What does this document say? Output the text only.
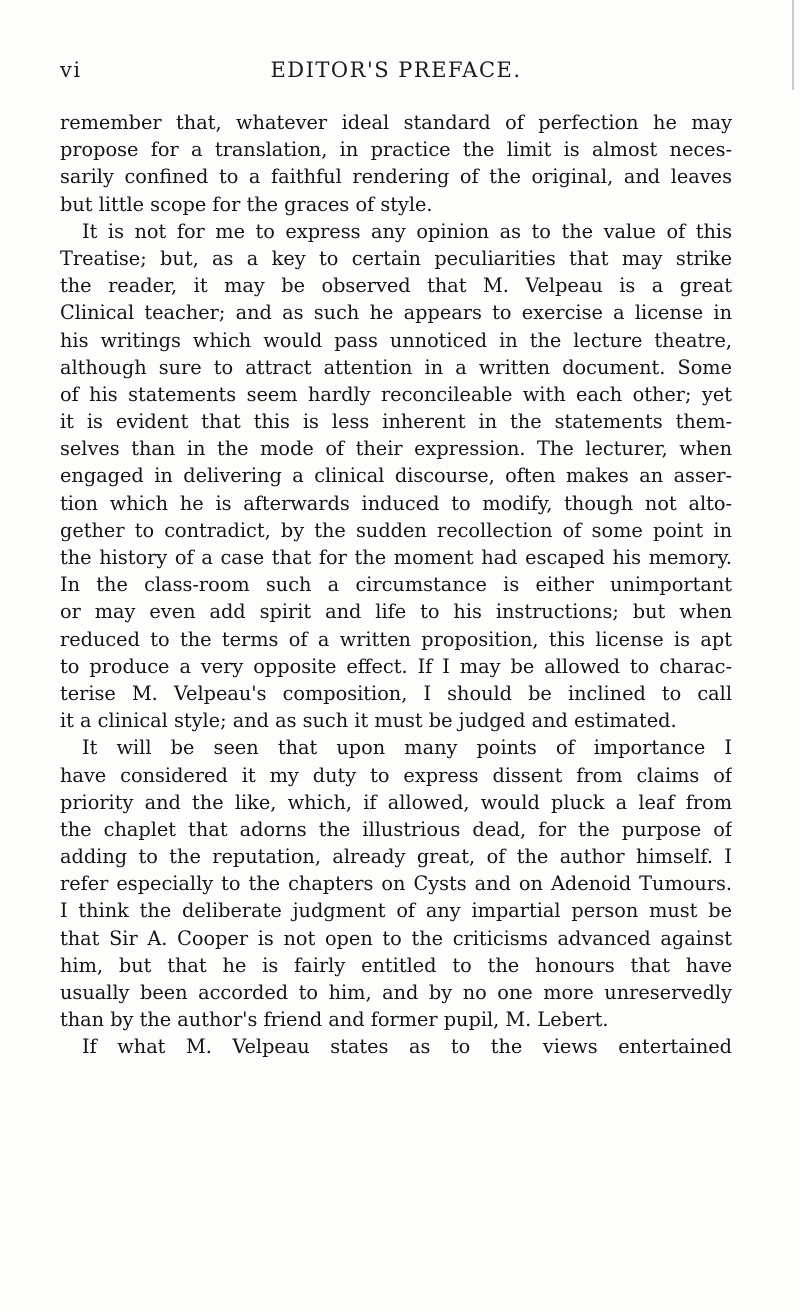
vi	EDITOR'S PREFACE.
remember that, whatever ideal standard of perfection he may
propose for a translation, in practice the limit is almost neces-
sarily confined to a faithful rendering of the original, and leaves
but little scope for the graces of style.
It is not for me to express any opinion as to the value of this
Treatise; but, as a key to certain peculiarities that may strike
the reader, it may be observed that M. Velpeau is a great
Clinical teacher; and as such he appears to exercise a license in
his writings which would pass unnoticed in the lecture theatre,
although sure to attract attention in a written document. Some
of his statements seem hardly reconcileable with each other; yet
it is evident that this is less inherent in the statements them-
selves than in the mode of their expression. The lecturer, when
engaged in delivering a clinical discourse, often makes an asser-
tion which he is afterwards induced to modify, though not alto-
gether to contradict, by the sudden recollection of some point in
the history of a case that for the moment had escaped his memory.
In the class-room such a circumstance is either unimportant
or may even add spirit and life to his instructions; but when
reduced to the terms of a written proposition, this license is apt
to produce a very opposite effect. If I may be allowed to charac-
terise M. Velpeau's composition, I should be inclined to call
it a clinical style; and as such it must be judged and estimated.
It will be seen that upon many points of importance I
have considered it my duty to express dissent from claims of
priority and the like, which, if allowed, would pluck a leaf from
the chaplet that adorns the illustrious dead, for the purpose of
adding to the reputation, already great, of the author himself. I
refer especially to the chapters on Cysts and on Adenoid Tumours.
I think the deliberate judgment of any impartial person must be
that Sir A. Cooper is not open to the criticisms advanced against
him, but that he is fairly entitled to the honours that have
usually been accorded to him, and by no one more unreservedly
than by the author's friend and former pupil, M. Lebert.
If what M. Velpeau states as to the views entertained
